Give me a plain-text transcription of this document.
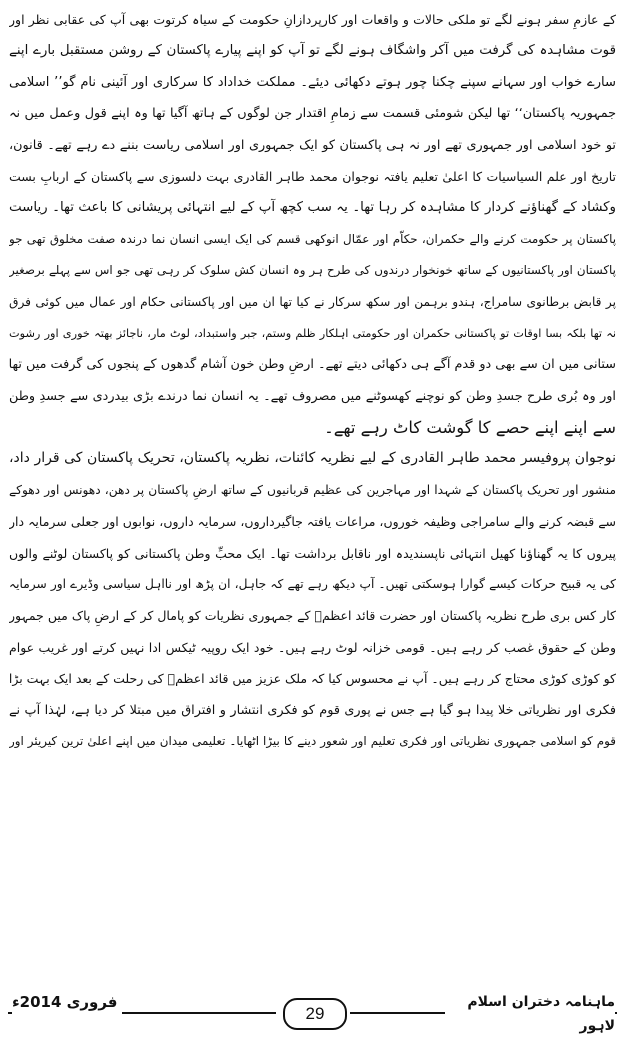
کے عازمِ سفر ہونے لگے تو ملکی حالات و واقعات اور کارپردازانِ حکومت کے سیاہ کرتوت بھی آپ کی عقابی نظر اور
قوت مشاہدہ کی گرفت میں آکر واشگاف ہونے لگے تو آپ کو اپنے پیارے پاکستان کے روشن مستقبل بارے اپنے
سارے خواب اور سہانے سپنے چکنا چور ہوتے دکھائی دیئے۔ مملکت خداداد کا سرکاری اور آئینی نام گو’’ اسلامی
جمہوریہ پاکستان‘‘ تھا لیکن شومئی قسمت سے زمامِ اقتدار جن لوگوں کے ہاتھ آگیا تھا وہ اپنے قول وعمل میں نہ
تو خود اسلامی اور جمہوری تھے اور نہ ہی پاکستان کو ایک جمہوری اور اسلامی ریاست بننے دے رہے تھے۔ قانون،
تاریخ اور علم السیاسیات کا اعلیٰ تعلیم یافتہ نوجوان محمد طاہر القادری بہت دلسوزی سے پاکستان کے اربابِ بست
وکشاد کے گھناؤنے کردار کا مشاہدہ کر رہا تھا۔ یہ سب کچھ آپ کے لیے انتہائی پریشانی کا باعث تھا۔ ریاست
پاکستان پر حکومت کرنے والے حکمران، حکاّم اور عمّال انوکھی قسم کی ایک ایسی انسان نما درندہ صفت مخلوق تھی جو
پاکستان اور پاکستانیوں کے ساتھ خونخوار درندوں کی طرح ہر وہ انسان کش سلوک کر رہی تھی جو اس سے پہلے برصغیر
پر قابض برطانوی سامراج، ہندو برہمن اور سکھ سرکار نے کیا تھا ان میں اور پاکستانی حکام اور عمال میں کوئی فرق
نہ تھا بلکہ بسا اوقات تو پاکستانی حکمران اور حکومتی اہلکار ظلم وستم، جبر واستبداد، لوٹ مار، ناجائز بھتہ خوری اور رشوت
ستانی میں ان سے بھی دو قدم آگے ہی دکھائی دیتے تھے۔ ارضِ وطن خون آشام گدھوں کے پنجوں کی گرفت میں تھا
اور وہ بُری طرح جسدِ وطن کو نوچنے کھسوٹنے میں مصروف تھے۔ یہ انسان نما درندے بڑی بیدردی سے جسدِ وطن
سے اپنے اپنے حصے کا گوشت کاٹ رہے تھے۔
نوجوان پروفیسر محمد طاہر القادری کے لیے نظریہ کائنات، نظریہ پاکستان، تحریک پاکستان کی قرار داد،
منشور اور تحریک پاکستان کے شہدا اور مہاجرین کی عظیم قربانیوں کے ساتھ ارضِ پاکستان پر دھن، دھونس اور دھوکے
سے قبضہ کرنے والے سامراجی وظیفہ خوروں، مراعات یافتہ جاگیرداروں، سرمایہ داروں، نوابوں اور جعلی سرمایہ دار
پیروں کا یہ گھناؤنا کھیل انتہائی ناپسندیدہ اور ناقابل برداشت تھا۔ ایک محبِّ وطن پاکستانی کو پاکستان لوٹنے والوں
کی یہ قبیح حرکات کیسے گوارا ہوسکتی تھیں۔ آپ دیکھ رہے تھے کہ جاہل، ان پڑھ اور نااہل سیاسی وڈیرے اور سرمایہ
کار کس بری طرح نظریہ پاکستان اور حضرت قائد اعظمؒ کے جمہوری نظریات کو پامال کر کے ارضِ پاک میں جمہور
وطن کے حقوق غصب کر رہے ہیں۔ قومی خزانہ لوٹ رہے ہیں۔ خود ایک روپیہ ٹیکس ادا نہیں کرتے اور غریب عوام
کو کوڑی کوڑی محتاج کر رہے ہیں۔ آپ نے محسوس کیا کہ ملک عزیز میں قائد اعظمؒ کی رحلت کے بعد ایک بہت بڑا
فکری اور نظریاتی خلا پیدا ہو گیا ہے جس نے پوری قوم کو فکری انتشار و افتراق میں مبتلا کر دیا ہے، لہٰذا آپ نے
قوم کو اسلامی جمہوری نظریاتی اور فکری تعلیم اور شعور دینے کا بیڑا اٹھایا۔ تعلیمی میدان میں اپنے اعلیٰ ترین کیریئر اور
فروری 2014ء
29
ماہنامہ دختران اسلام لاہور
